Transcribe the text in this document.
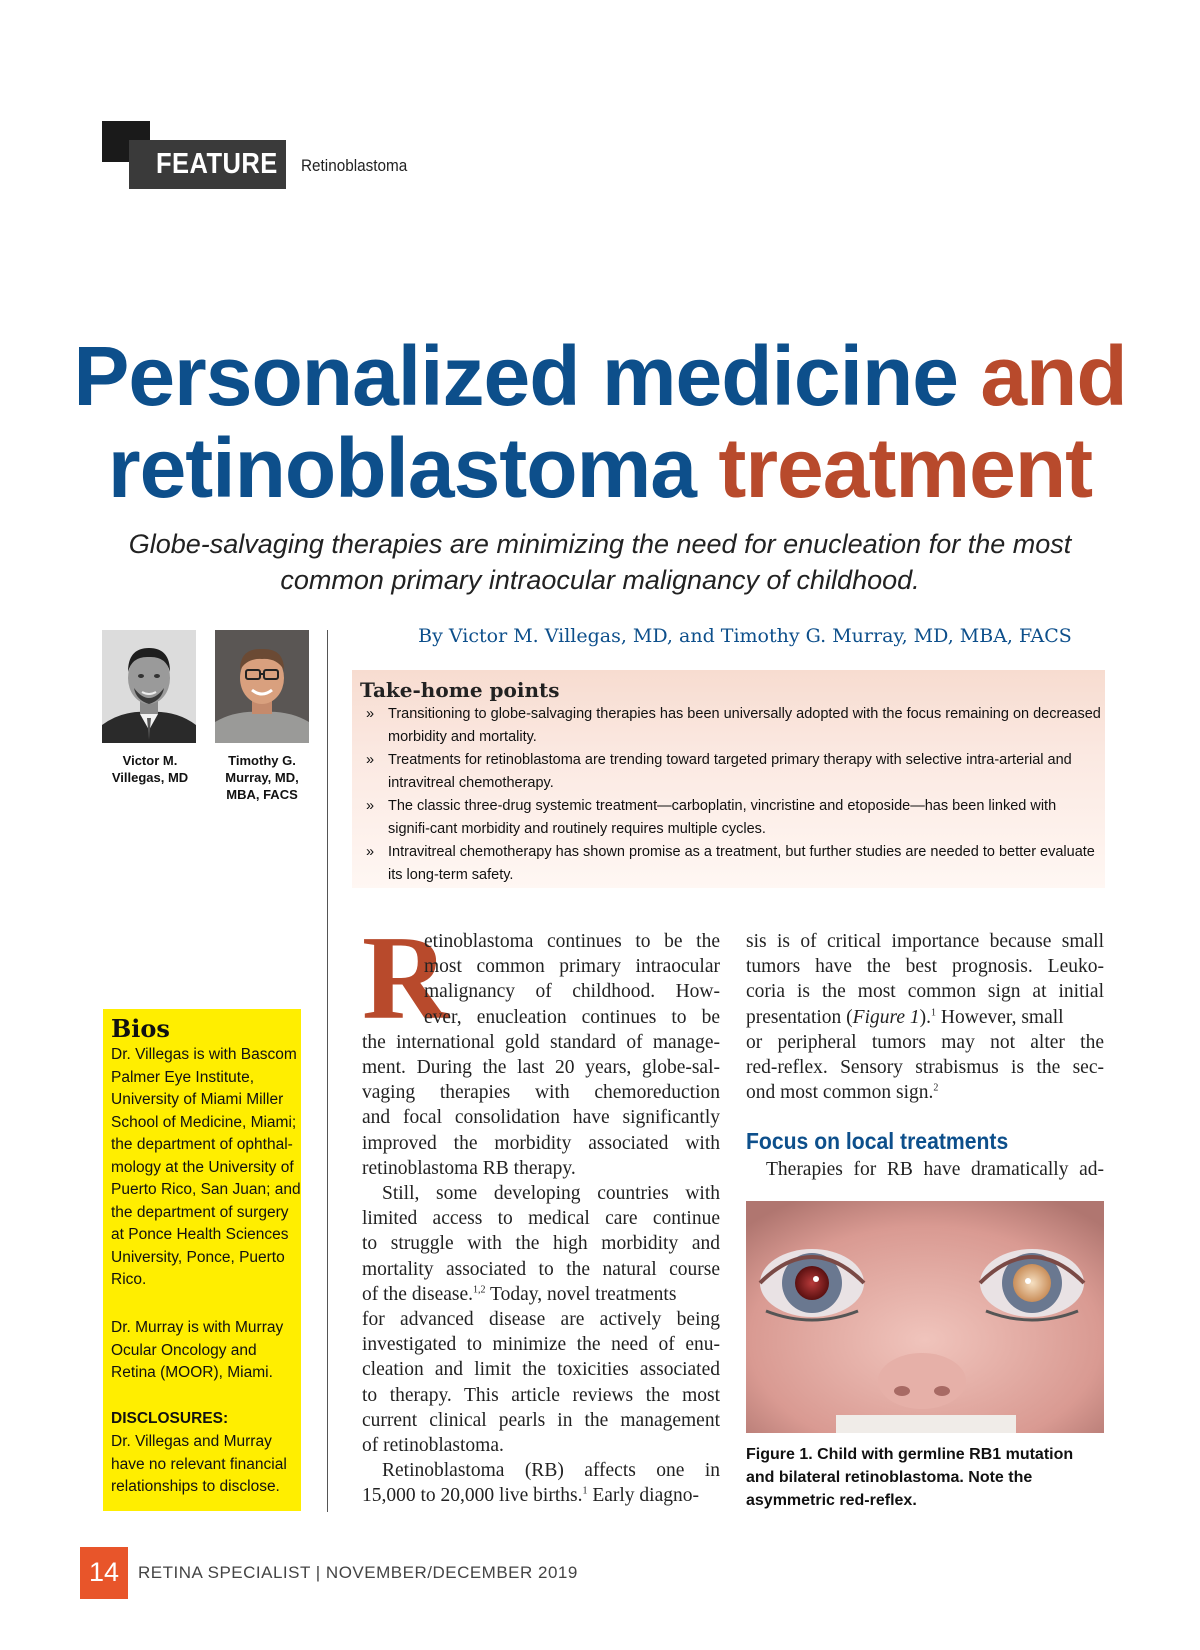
FEATURE Retinoblastoma
Personalized medicine and
retinoblastoma treatment
Globe-salvaging therapies are minimizing the need for enucleation for the most common primary intraocular malignancy of childhood.
Victor M. Villegas, MD
Timothy G. Murray, MD, MBA, FACS
By Victor M. Villegas, MD, and Timothy G. Murray, MD, MBA, FACS
Take-home points
» Transitioning to globe-salvaging therapies has been universally adopted with the focus remaining on decreased morbidity and mortality.
» Treatments for retinoblastoma are trending toward targeted primary therapy with selective intra-arterial and intravitreal chemotherapy.
» The classic three-drug systemic treatment—carboplatin, vincristine and etoposide—has been linked with signifi-cant morbidity and routinely requires multiple cycles.
» Intravitreal chemotherapy has shown promise as a treatment, but further studies are needed to better evaluate its long-term safety.
Bios
Dr. Villegas is with Bascom Palmer Eye Institute, University of Miami Miller School of Medicine, Miami; the department of ophthal-mology at the University of Puerto Rico, San Juan; and the department of surgery at Ponce Health Sciences University, Ponce, Puerto Rico.
Dr. Murray is with Murray Ocular Oncology and Retina (MOOR), Miami.
DISCLOSURES:
Dr. Villegas and Murray have no relevant financial relationships to disclose.
R
etinoblastoma continues to be the
most common primary intraocular
malignancy of childhood. How-
ever, enucleation continues to be
the international gold standard of manage-
ment. During the last 20 years, globe-sal-
vaging therapies with chemoreduction
and focal consolidation have significantly
improved the morbidity associated with
retinoblastoma RB therapy.
Still, some developing countries with
limited access to medical care continue
to struggle with the high morbidity and
mortality associated to the natural course
of the disease.$^{1,2}$ Today, novel treatments
for advanced disease are actively being
investigated to minimize the need of enu-
cleation and limit the toxicities associated
to therapy. This article reviews the most
current clinical pearls in the management
of retinoblastoma.
Retinoblastoma (RB) affects one in
15,000 to 20,000 live births.$^1$ Early diagno-
sis is of critical importance because small
tumors have the best prognosis. Leuko-
coria is the most common sign at initial
presentation (Figure 1).$^1$ However, small
or peripheral tumors may not alter the
red-reflex. Sensory strabismus is the sec-
ond most common sign.$^2$
Focus on local treatments
Therapies for RB have dramatically ad-
Figure 1. Child with germline RB1 mutation and bilateral retinoblastoma. Note the asymmetric red-reflex.
14	RETINA SPECIALIST | NOVEMBER/DECEMBER 2019
